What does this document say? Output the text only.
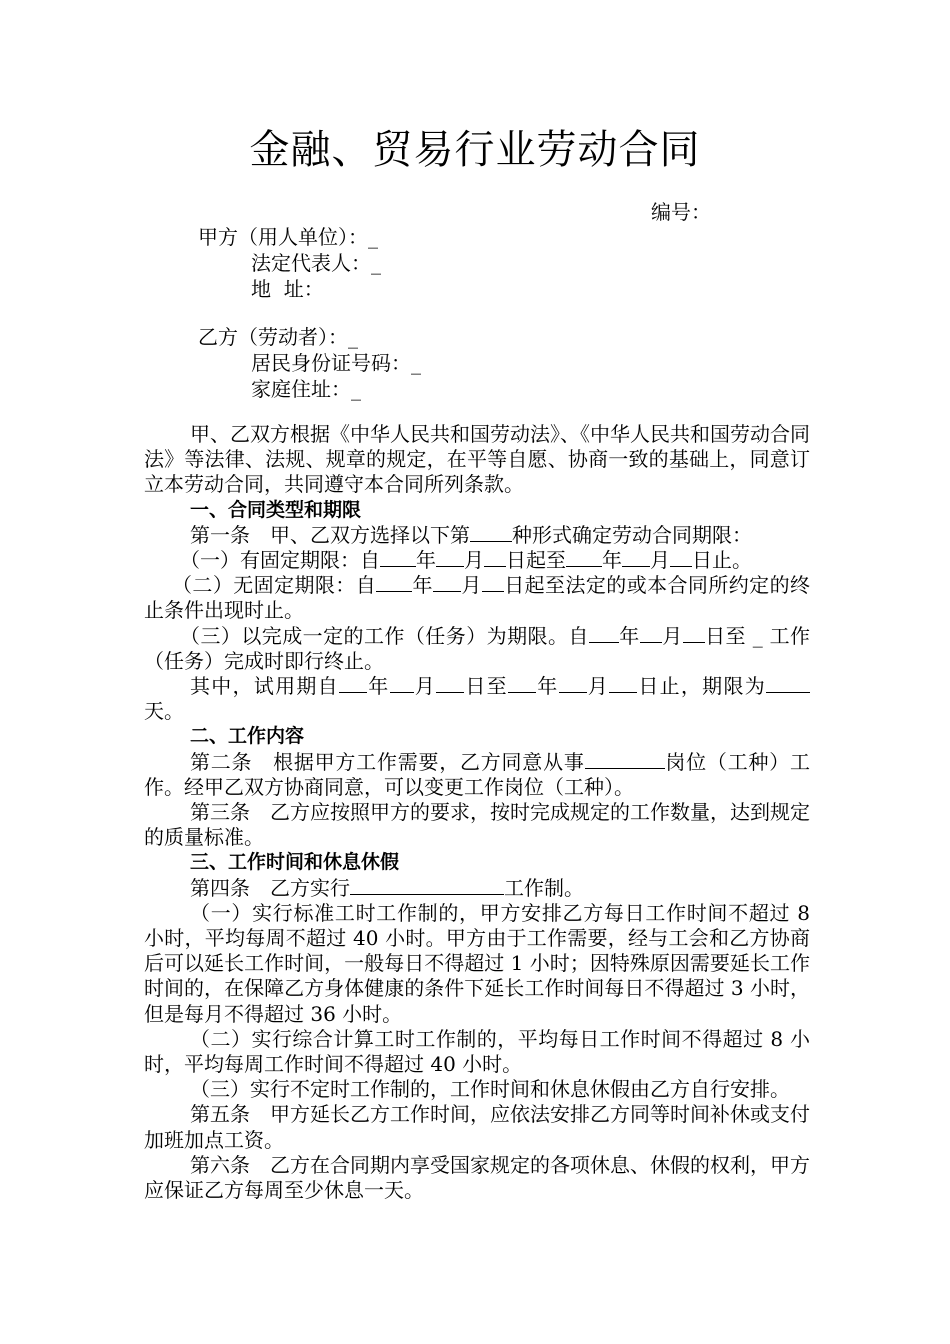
金融、贸易行业劳动合同
编号：
甲方（用人单位）：_
法定代表人：_
地  址：
乙方（劳动者）：_
居民身份证号码：_
家庭住址：_

甲、乙双方根据《中华人民共和国劳动法》、《中华人民共和国劳动合同法》等法律、法规、规章的规定，在平等自愿、协商一致的基础上，同意订立本劳动合同，共同遵守本合同所列条款。

一、合同类型和期限

第一条　甲、乙双方选择以下第 种形式确定劳动合同期限：

（一）有固定期限：自 年 月 日起至 年 月 日止。

（二）无固定期限：自 年 月 日起至法定的或本合同所约定的终止条件出现时止。

（三）以完成一定的工作（任务）为期限。自 年 月 日至 _ 工作（任务）完成时即行终止。

其中，试用期自 年 月 日至 年 月 日止，期限为天。

二、工作内容

第二条　根据甲方工作需要，乙方同意从事	岗位（工种）工作。经甲乙双方协商同意，可以变更工作岗位（工种）。

第三条　乙方应按照甲方的要求，按时完成规定的工作数量，达到规定的质量标准。

三、工作时间和休息休假

第四条　乙方实行	工作制。

（一）实行标准工时工作制的，甲方安排乙方每日工作时间不超过 8 小时，平均每周不超过 40 小时。甲方由于工作需要，经与工会和乙方协商后可以延长工作时间，一般每日不得超过 1 小时；因特殊原因需要延长工作时间的，在保障乙方身体健康的条件下延长工作时间每日不得超过 3 小时，但是每月不得超过 36 小时。

（二）实行综合计算工时工作制的，平均每日工作时间不得超过 8 小时，平均每周工作时间不得超过 40 小时。

（三）实行不定时工作制的，工作时间和休息休假由乙方自行安排。

第五条　甲方延长乙方工作时间，应依法安排乙方同等时间补休或支付加班加点工资。

第六条　乙方在合同期内享受国家规定的各项休息、休假的权利，甲方应保证乙方每周至少休息一天。
